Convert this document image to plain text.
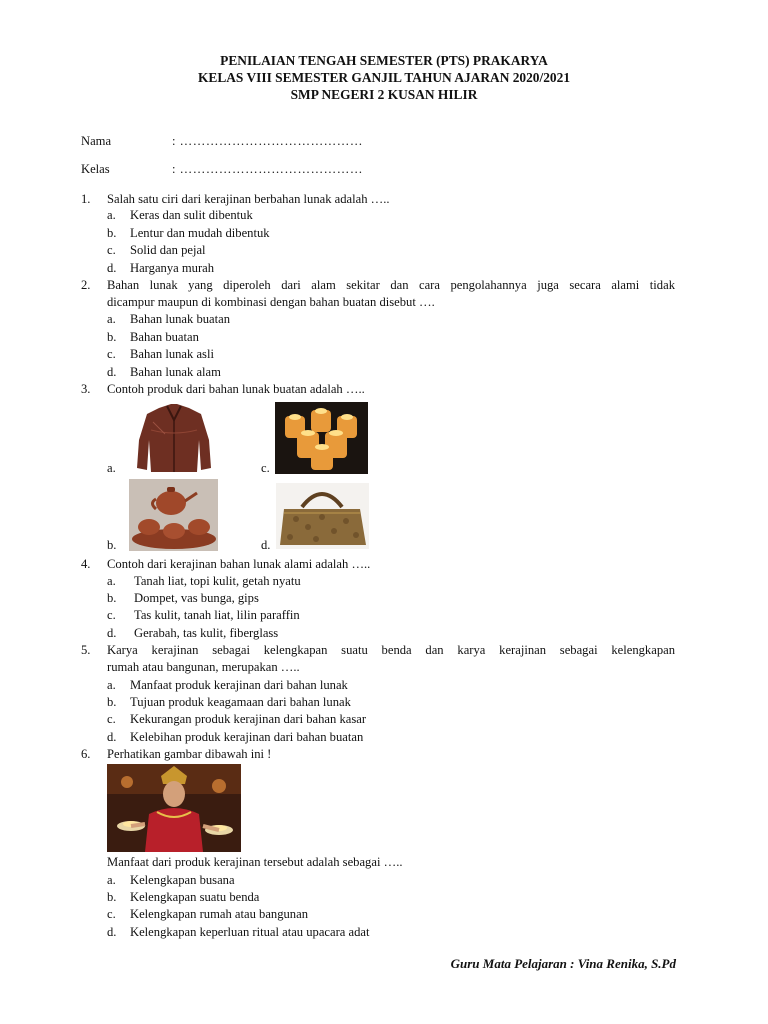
PENILAIAN TENGAH SEMESTER (PTS) PRAKARYA
KELAS VIII SEMESTER GANJIL TAHUN AJARAN 2020/2021
SMP NEGERI 2 KUSAN HILIR
Nama	: ……………………………………
Kelas	: ……………………………………
1. Salah satu ciri dari kerajinan berbahan lunak adalah …..
a. Keras dan sulit dibentuk
b. Lentur dan mudah dibentuk
c. Solid dan pejal
d. Harganya murah
2. Bahan lunak yang diperoleh dari alam sekitar dan cara pengolahannya juga secara alami tidak
dicampur maupun di kombinasi dengan bahan buatan disebut ….
a. Bahan lunak buatan
b. Bahan buatan
c. Bahan lunak asli
d. Bahan lunak alam
3. Contoh produk dari bahan lunak buatan adalah …..
a.
b.
c.
d.
4. Contoh dari kerajinan bahan lunak alami adalah …..
a. Tanah liat, topi kulit, getah nyatu
b. Dompet, vas bunga, gips
c. Tas kulit, tanah liat, lilin paraffin
d. Gerabah, tas kulit, fiberglass
5. Karya kerajinan sebagai kelengkapan suatu benda dan karya kerajinan sebagai kelengkapan
rumah atau bangunan, merupakan …..
a. Manfaat produk kerajinan dari bahan lunak
b. Tujuan produk keagamaan dari bahan lunak
c. Kekurangan produk kerajinan dari bahan kasar
d. Kelebihan produk kerajinan dari bahan buatan
6. Perhatikan gambar dibawah ini !
Manfaat dari produk kerajinan tersebut adalah sebagai …..
a. Kelengkapan busana
b. Kelengkapan suatu benda
c. Kelengkapan rumah atau bangunan
d. Kelengkapan keperluan ritual atau upacara adat
Guru Mata Pelajaran : Vina Renika, S.Pd
